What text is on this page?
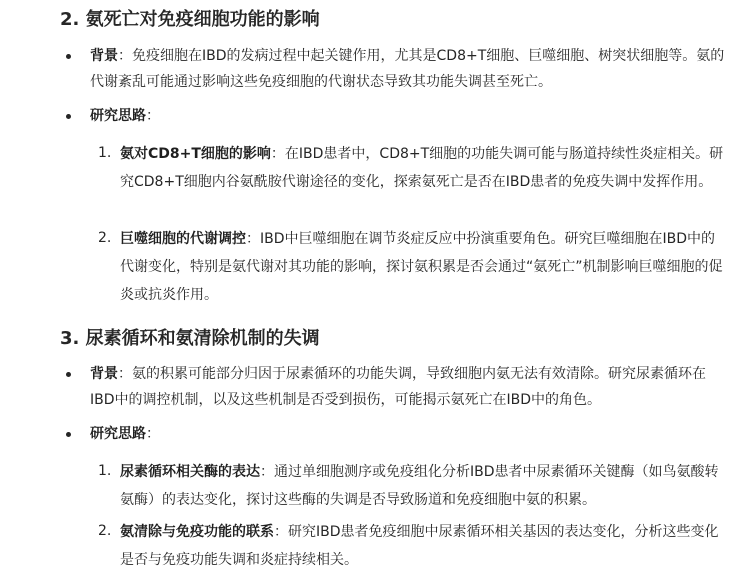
2. 氨死亡对免疫细胞功能的影响
背景：免疫细胞在IBD的发病过程中起关键作用，尤其是CD8+T细胞、巨噬细胞、树突状细胞等。氨的代谢紊乱可能通过影响这些免疫细胞的代谢状态导致其功能失调甚至死亡。
研究思路：
1. 氨对CD8+T细胞的影响：在IBD患者中，CD8+T细胞的功能失调可能与肠道持续性炎症相关。研究CD8+T细胞内谷氨酰胺代谢途径的变化，探索氨死亡是否在IBD患者的免疫失调中发挥作用。
2. 巨噬细胞的代谢调控：IBD中巨噬细胞在调节炎症反应中扮演重要角色。研究巨噬细胞在IBD中的代谢变化，特别是氨代谢对其功能的影响，探讨氨积累是否会通过“氨死亡”机制影响巨噬细胞的促炎或抗炎作用。
3. 尿素循环和氨清除机制的失调
背景：氨的积累可能部分归因于尿素循环的功能失调，导致细胞内氨无法有效清除。研究尿素循环在IBD中的调控机制，以及这些机制是否受到损伤，可能揭示氨死亡在IBD中的角色。
研究思路：
1. 尿素循环相关酶的表达：通过单细胞测序或免疫组化分析IBD患者中尿素循环关键酶（如鸟氨酸转氨酶）的表达变化，探讨这些酶的失调是否导致肠道和免疫细胞中氨的积累。
2. 氨清除与免疫功能的联系：研究IBD患者免疫细胞中尿素循环相关基因的表达变化，分析这些变化是否与免疫功能失调和炎症持续相关。
